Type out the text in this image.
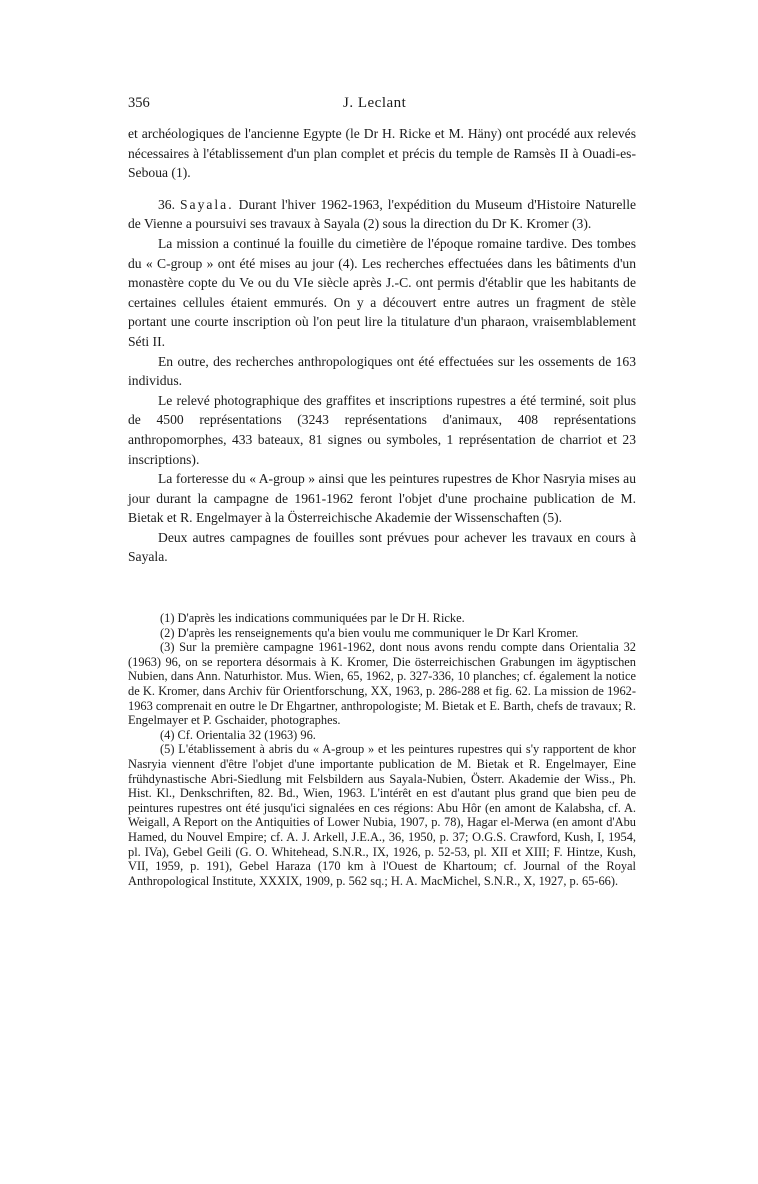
356	J. Leclant

et archéologiques de l'ancienne Egypte (le Dr H. Ricke et M. Häny) ont procédé aux relevés nécessaires à l'établissement d'un plan complet et précis du temple de Ramsès II à Ouadi-es-Seboua (1).

36. Sayala. Durant l'hiver 1962-1963, l'expédition du Museum d'Histoire Naturelle de Vienne a poursuivi ses travaux à Sayala (2) sous la direction du Dr K. Kromer (3).

La mission a continué la fouille du cimetière de l'époque romaine tardive. Des tombes du « C-group » ont été mises au jour (4). Les recherches effectuées dans les bâtiments d'un monastère copte du Ve ou du VIe siècle après J.-C. ont permis d'établir que les habitants de certaines cellules étaient emmurés. On y a découvert entre autres un fragment de stèle portant une courte inscription où l'on peut lire la titulature d'un pharaon, vraisemblablement Séti II.

En outre, des recherches anthropologiques ont été effectuées sur les ossements de 163 individus.

Le relevé photographique des graffites et inscriptions rupestres a été terminé, soit plus de 4500 représentations (3243 représentations d'animaux, 408 représentations anthropomorphes, 433 bateaux, 81 signes ou symboles, 1 représentation de charriot et 23 inscriptions).

La forteresse du « A-group » ainsi que les peintures rupestres de Khor Nasryia mises au jour durant la campagne de 1961-1962 feront l'objet d'une prochaine publication de M. Bietak et R. Engelmayer à la Österreichische Akademie der Wissenschaften (5).

Deux autres campagnes de fouilles sont prévues pour achever les travaux en cours à Sayala.

(1) D'après les indications communiquées par le Dr H. Ricke.

(2) D'après les renseignements qu'a bien voulu me communiquer le Dr Karl Kromer.

(3) Sur la première campagne 1961-1962, dont nous avons rendu compte dans Orientalia 32 (1963) 96, on se reportera désormais à K. Kromer, Die österreichischen Grabungen im ägyptischen Nubien, dans Ann. Naturhistor. Mus. Wien, 65, 1962, p. 327-336, 10 planches; cf. également la notice de K. Kromer, dans Archiv für Orientforschung, XX, 1963, p. 286-288 et fig. 62. La mission de 1962-1963 comprenait en outre le Dr Ehgartner, anthropologiste; M. Bietak et E. Barth, chefs de travaux; R. Engelmayer et P. Gschaider, photographes.

(4) Cf. Orientalia 32 (1963) 96.

(5) L'établissement à abris du « A-group » et les peintures rupestres qui s'y rapportent de khor Nasryia viennent d'être l'objet d'une importante publication de M. Bietak et R. Engelmayer, Eine frühdynastische Abri-Siedlung mit Felsbildern aus Sayala-Nubien, Österr. Akademie der Wiss., Ph. Hist. Kl., Denkschriften, 82. Bd., Wien, 1963. L'intérêt en est d'autant plus grand que bien peu de peintures rupestres ont été jusqu'ici signalées en ces régions: Abu Hôr (en amont de Kalabsha, cf. A. Weigall, A Report on the Antiquities of Lower Nubia, 1907, p. 78), Hagar el-Merwa (en amont d'Abu Hamed, du Nouvel Empire; cf. A. J. Arkell, J.E.A., 36, 1950, p. 37; O.G.S. Crawford, Kush, I, 1954, pl. IVa), Gebel Geili (G. O. Whitehead, S.N.R., IX, 1926, p. 52-53, pl. XII et XIII; F. Hintze, Kush, VII, 1959, p. 191), Gebel Haraza (170 km à l'Ouest de Khartoum; cf. Journal of the Royal Anthropological Institute, XXXIX, 1909, p. 562 sq.; H. A. MacMichel, S.N.R., X, 1927, p. 65-66).
